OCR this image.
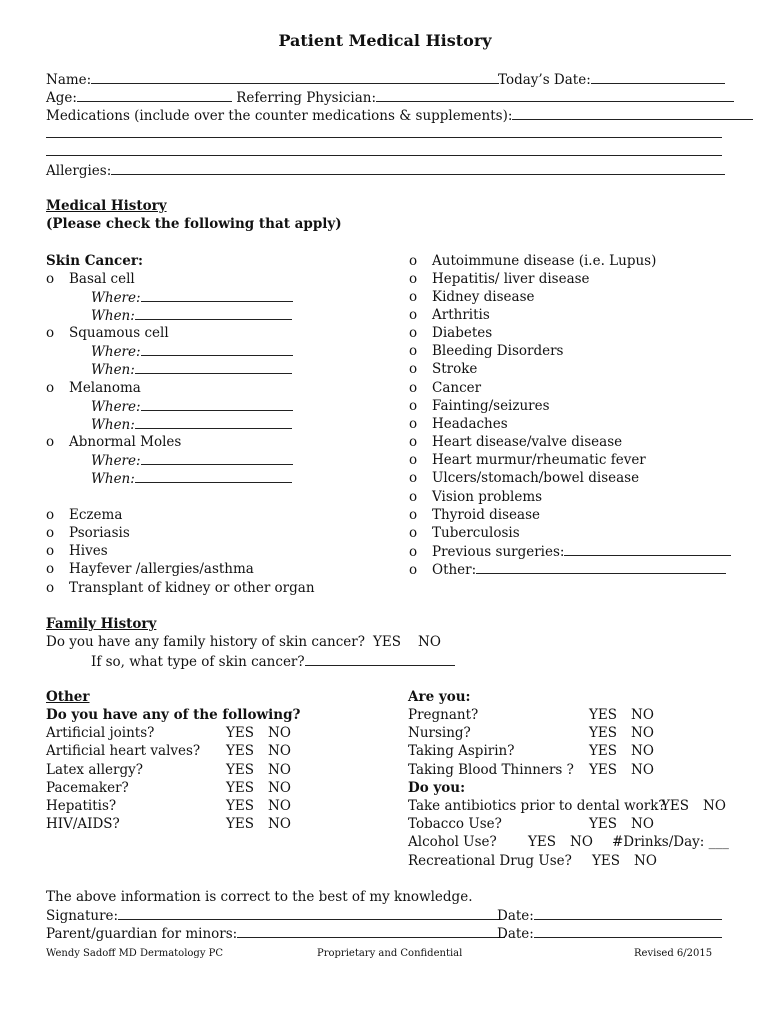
Patient Medical History
Name:	Today’s Date:
Age:	Referring Physician:
Medications (include over the counter medications & supplements):
Allergies:
Medical History
(Please check the following that apply)
Skin Cancer:
o Basal cell
Where:
When:
o Squamous cell
Where:
When:
o Melanoma
Where:
When:
o Abnormal Moles
Where:
When:
o Eczema
o Psoriasis
o Hives
o Hayfever /allergies/asthma
o Transplant of kidney or other organ
o Autoimmune disease (i.e. Lupus)
o Hepatitis/ liver disease
o Kidney disease
o Arthritis
o Diabetes
o Bleeding Disorders
o Stroke
o Cancer
o Fainting/seizures
o Headaches
o Heart disease/valve disease
o Heart murmur/rheumatic fever
o Ulcers/stomach/bowel disease
o Vision problems
o Thyroid disease
o Tuberculosis
o Previous surgeries:
o Other:
Family History
Do you have any family history of skin cancer? YES NO
If so, what type of skin cancer?
Other
Do you have any of the following?
Artificial joints?	YES NO
Artificial heart valves? YES NO
Latex allergy?	YES NO
Pacemaker?	YES NO
Hepatitis?	YES NO
HIV/AIDS?	YES NO
Are you:
Pregnant?	YES NO
Nursing?	YES NO
Taking Aspirin?	YES NO
Taking Blood Thinners ? YES NO
Do you:
Take antibiotics prior to dental work?
YES NO
Tobacco Use?	YES NO
Alcohol Use? YES NO #Drinks/Day: ___
Recreational Drug Use? YES NO
The above information is correct to the best of my knowledge.
Signature:	Date:
Parent/guardian for minors:	Date:
Wendy Sadoff MD Dermatology PC	Proprietary and Confidential	Revised 6/2015
